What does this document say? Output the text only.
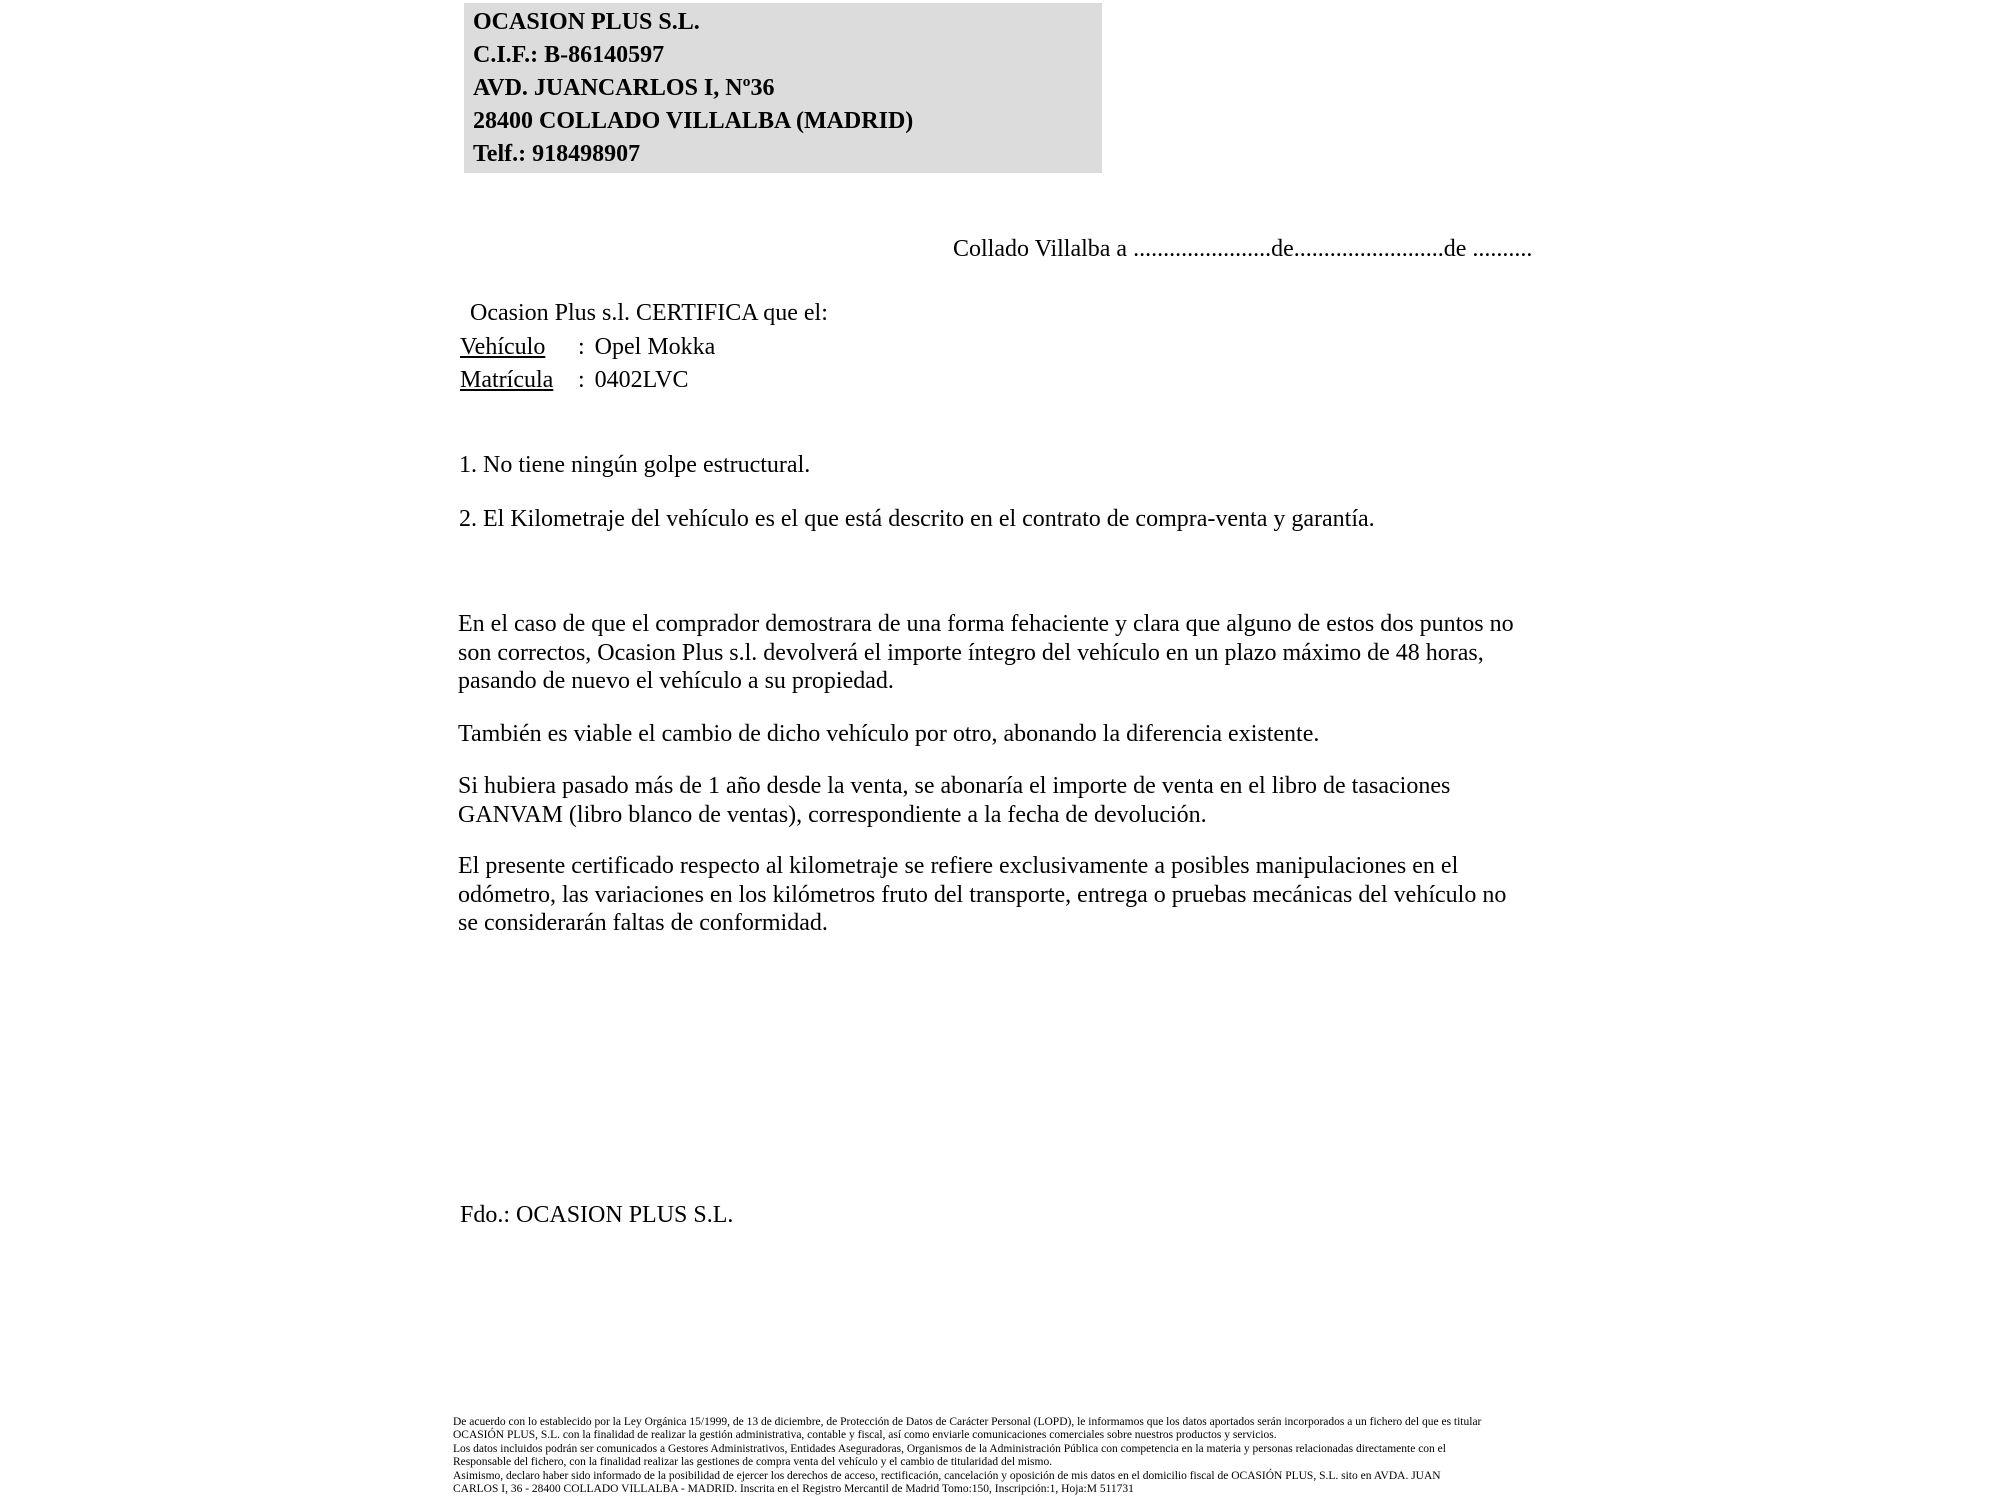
OCASION PLUS S.L.
C.I.F.: B-86140597
AVD. JUANCARLOS I, Nº36
28400 COLLADO VILLALBA (MADRID)
Telf.: 918498907
Collado Villalba a .......................de.........................de ..........
Ocasion Plus s.l. CERTIFICA que el:
Vehículo	: Opel Mokka
Matrícula	: 0402LVC
1. No tiene ningún golpe estructural.
2. El Kilometraje del vehículo es el que está descrito en el contrato de compra-venta y garantía.
En el caso de que el comprador demostrara de una forma fehaciente y clara que alguno de estos dos puntos no
son correctos, Ocasion Plus s.l. devolverá el importe íntegro del vehículo en un plazo máximo de 48 horas,
pasando de nuevo el vehículo a su propiedad.
También es viable el cambio de dicho vehículo por otro, abonando la diferencia existente.
Si hubiera pasado más de 1 año desde la venta, se abonaría el importe de venta en el libro de tasaciones
GANVAM (libro blanco de ventas), correspondiente a la fecha de devolución.
El presente certificado respecto al kilometraje se refiere exclusivamente a posibles manipulaciones en el
odómetro, las variaciones en los kilómetros fruto del transporte, entrega o pruebas mecánicas del vehículo no
se considerarán faltas de conformidad.
Fdo.: OCASION PLUS S.L.
De acuerdo con lo establecido por la Ley Orgánica 15/1999, de 13 de diciembre, de Protección de Datos de Carácter Personal (LOPD), le informamos que los datos aportados serán incorporados a un fichero del que es titular
OCASIÓN PLUS, S.L. con la finalidad de realizar la gestión administrativa, contable y fiscal, así como enviarle comunicaciones comerciales sobre nuestros productos y servicios.
Los datos incluidos podrán ser comunicados a Gestores Administrativos, Entidades Aseguradoras, Organismos de la Administración Pública con competencia en la materia y personas relacionadas directamente con el
Responsable del fichero, con la finalidad realizar las gestiones de compra venta del vehículo y el cambio de titularidad del mismo.
Asimismo, declaro haber sido informado de la posibilidad de ejercer los derechos de acceso, rectificación, cancelación y oposición de mis datos en el domicilio fiscal de OCASIÓN PLUS, S.L. sito en AVDA. JUAN
CARLOS I, 36 - 28400 COLLADO VILLALBA - MADRID. Inscrita en el Registro Mercantil de Madrid Tomo:150, Inscripción:1, Hoja:M 511731
